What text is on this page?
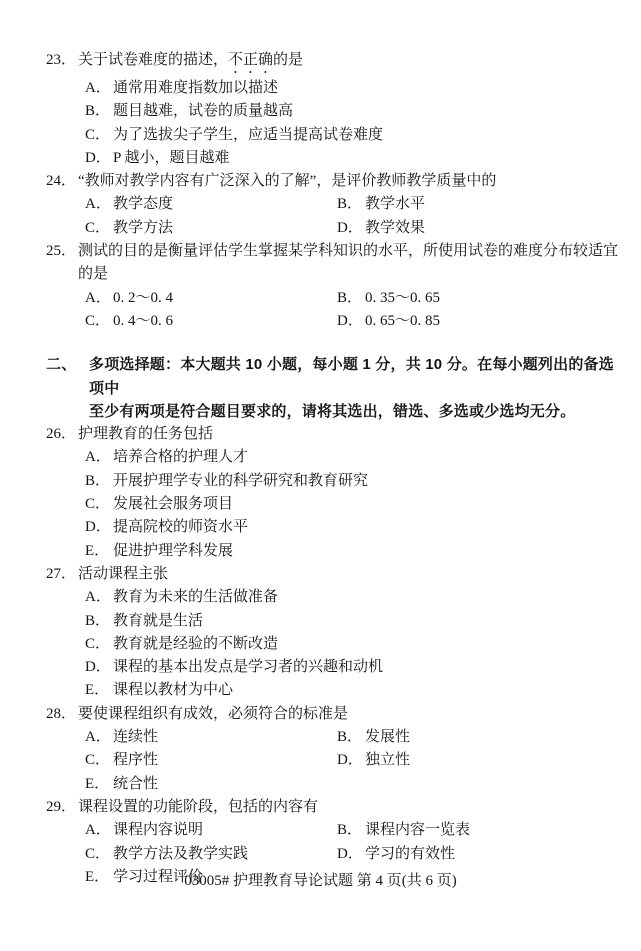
23． 关于试卷难度的描述，不正确的是
A． 通常用难度指数加以描述
B． 题目越难，试卷的质量越高
C． 为了选拔尖子学生，应适当提高试卷难度
D． P 越小，题目越难
24． “教师对教学内容有广泛深入的了解”，是评价教师教学质量中的
A． 教学态度	B． 教学水平
C． 教学方法	D． 教学效果
25． 测试的目的是衡量评估学生掌握某学科知识的水平，所使用试卷的难度分布较适宜
的是
A． 0. 2～0. 4	B． 0. 35～0. 65
C． 0. 4～0. 6	D． 0. 65～0. 85
二、 多项选择题：本大题共 10 小题，每小题 1 分，共 10 分。在每小题列出的备选项中
至少有两项是符合题目要求的，请将其选出，错选、多选或少选均无分。
26． 护理教育的任务包括
A． 培养合格的护理人才
B． 开展护理学专业的科学研究和教育研究
C． 发展社会服务项目
D． 提高院校的师资水平
E． 促进护理学科发展
27． 活动课程主张
A． 教育为未来的生活做准备
B． 教育就是生活
C． 教育就是经验的不断改造
D． 课程的基本出发点是学习者的兴趣和动机
E． 课程以教材为中心
28． 要使课程组织有成效，必须符合的标准是
A． 连续性	B． 发展性
C． 程序性	D． 独立性
E． 统合性
29． 课程设置的功能阶段，包括的内容有
A． 课程内容说明	B． 课程内容一览表
C． 教学方法及教学实践	D． 学习的有效性
E． 学习过程评价
03005# 护理教育导论试题 第 4 页(共 6 页)
